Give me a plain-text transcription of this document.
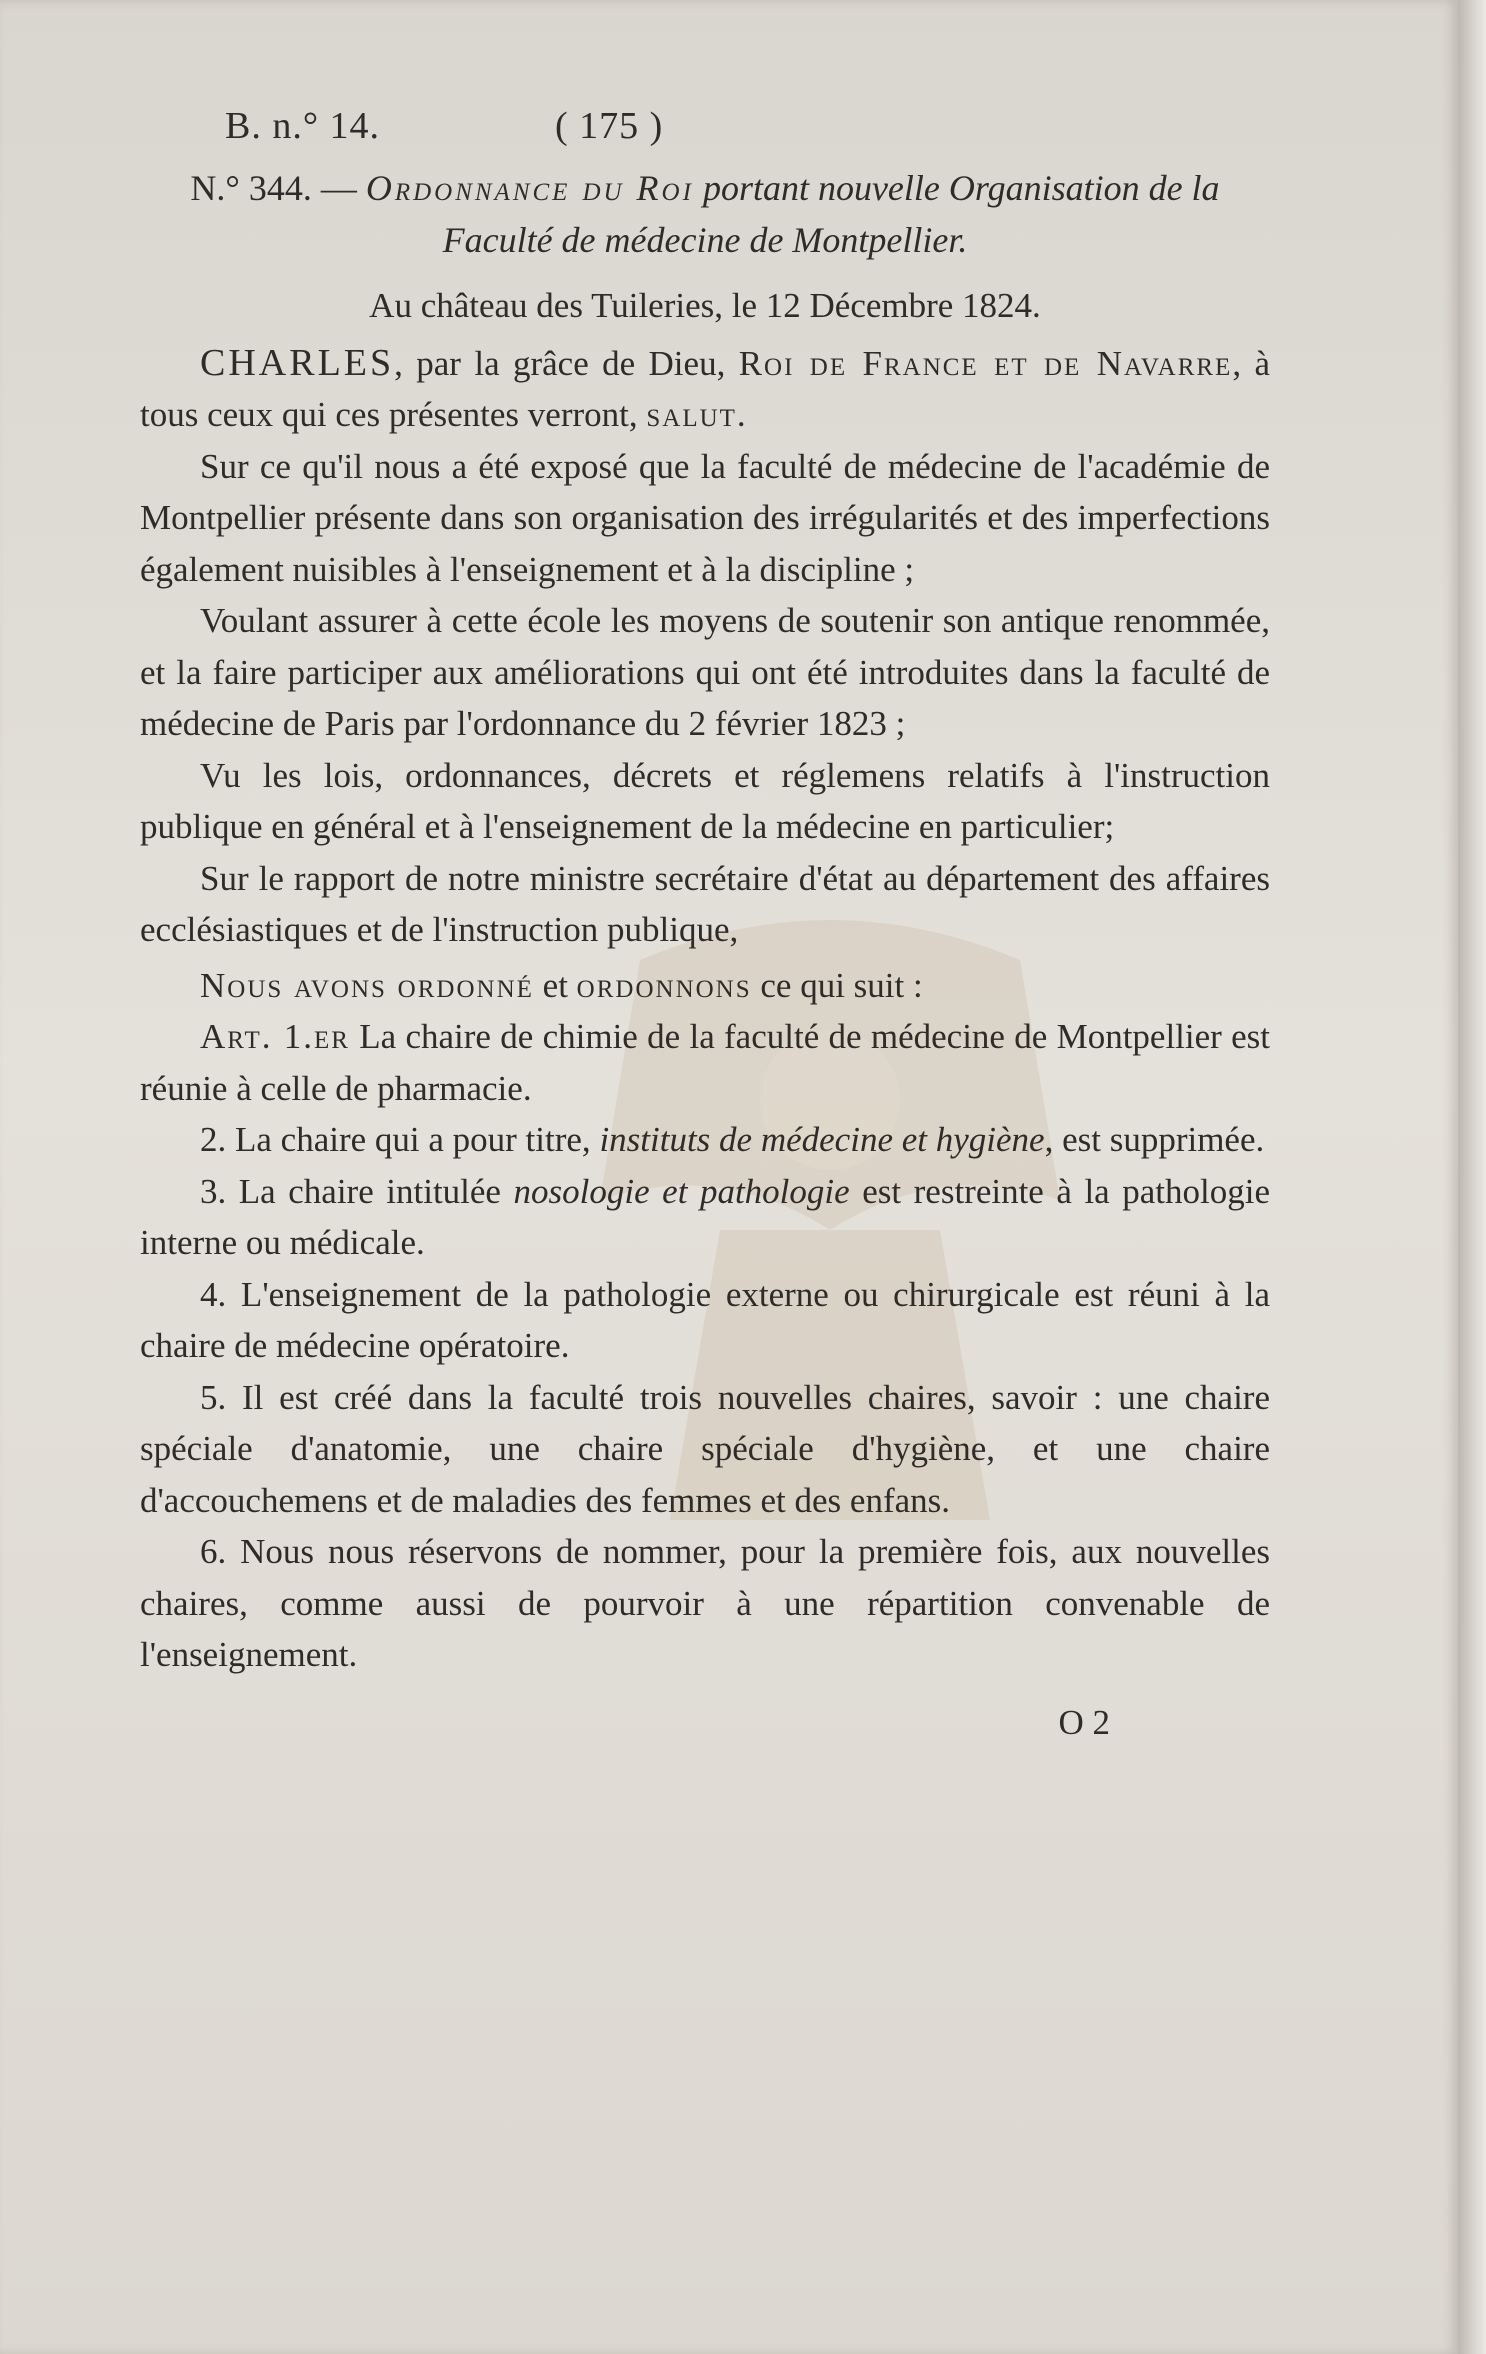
B. n.° 14.	( 175 )

N.° 344. — Ordonnance du Roi portant nouvelle Organisation de la Faculté de médecine de Montpellier.

Au château des Tuileries, le 12 Décembre 1824.

CHARLES, par la grâce de Dieu, Roi de France et de Navarre, à tous ceux qui ces présentes verront, salut.

Sur ce qu'il nous a été exposé que la faculté de médecine de l'académie de Montpellier présente dans son organisation des irrégularités et des imperfections également nuisibles à l'enseignement et à la discipline ;

Voulant assurer à cette école les moyens de soutenir son antique renommée, et la faire participer aux améliorations qui ont été introduites dans la faculté de médecine de Paris par l'ordonnance du 2 février 1823 ;

Vu les lois, ordonnances, décrets et réglemens relatifs à l'instruction publique en général et à l'enseignement de la médecine en particulier;

Sur le rapport de notre ministre secrétaire d'état au département des affaires ecclésiastiques et de l'instruction publique,

Nous avons ordonné et ordonnons ce qui suit :

Art. 1.er La chaire de chimie de la faculté de médecine de Montpellier est réunie à celle de pharmacie.

2. La chaire qui a pour titre, instituts de médecine et hygiène, est supprimée.

3. La chaire intitulée nosologie et pathologie est restreinte à la pathologie interne ou médicale.

4. L'enseignement de la pathologie externe ou chirurgicale est réuni à la chaire de médecine opératoire.

5. Il est créé dans la faculté trois nouvelles chaires, savoir : une chaire spéciale d'anatomie, une chaire spéciale d'hygiène, et une chaire d'accouchemens et de maladies des femmes et des enfans.

6. Nous nous réservons de nommer, pour la première fois, aux nouvelles chaires, comme aussi de pourvoir à une répartition convenable de l'enseignement.

O 2
